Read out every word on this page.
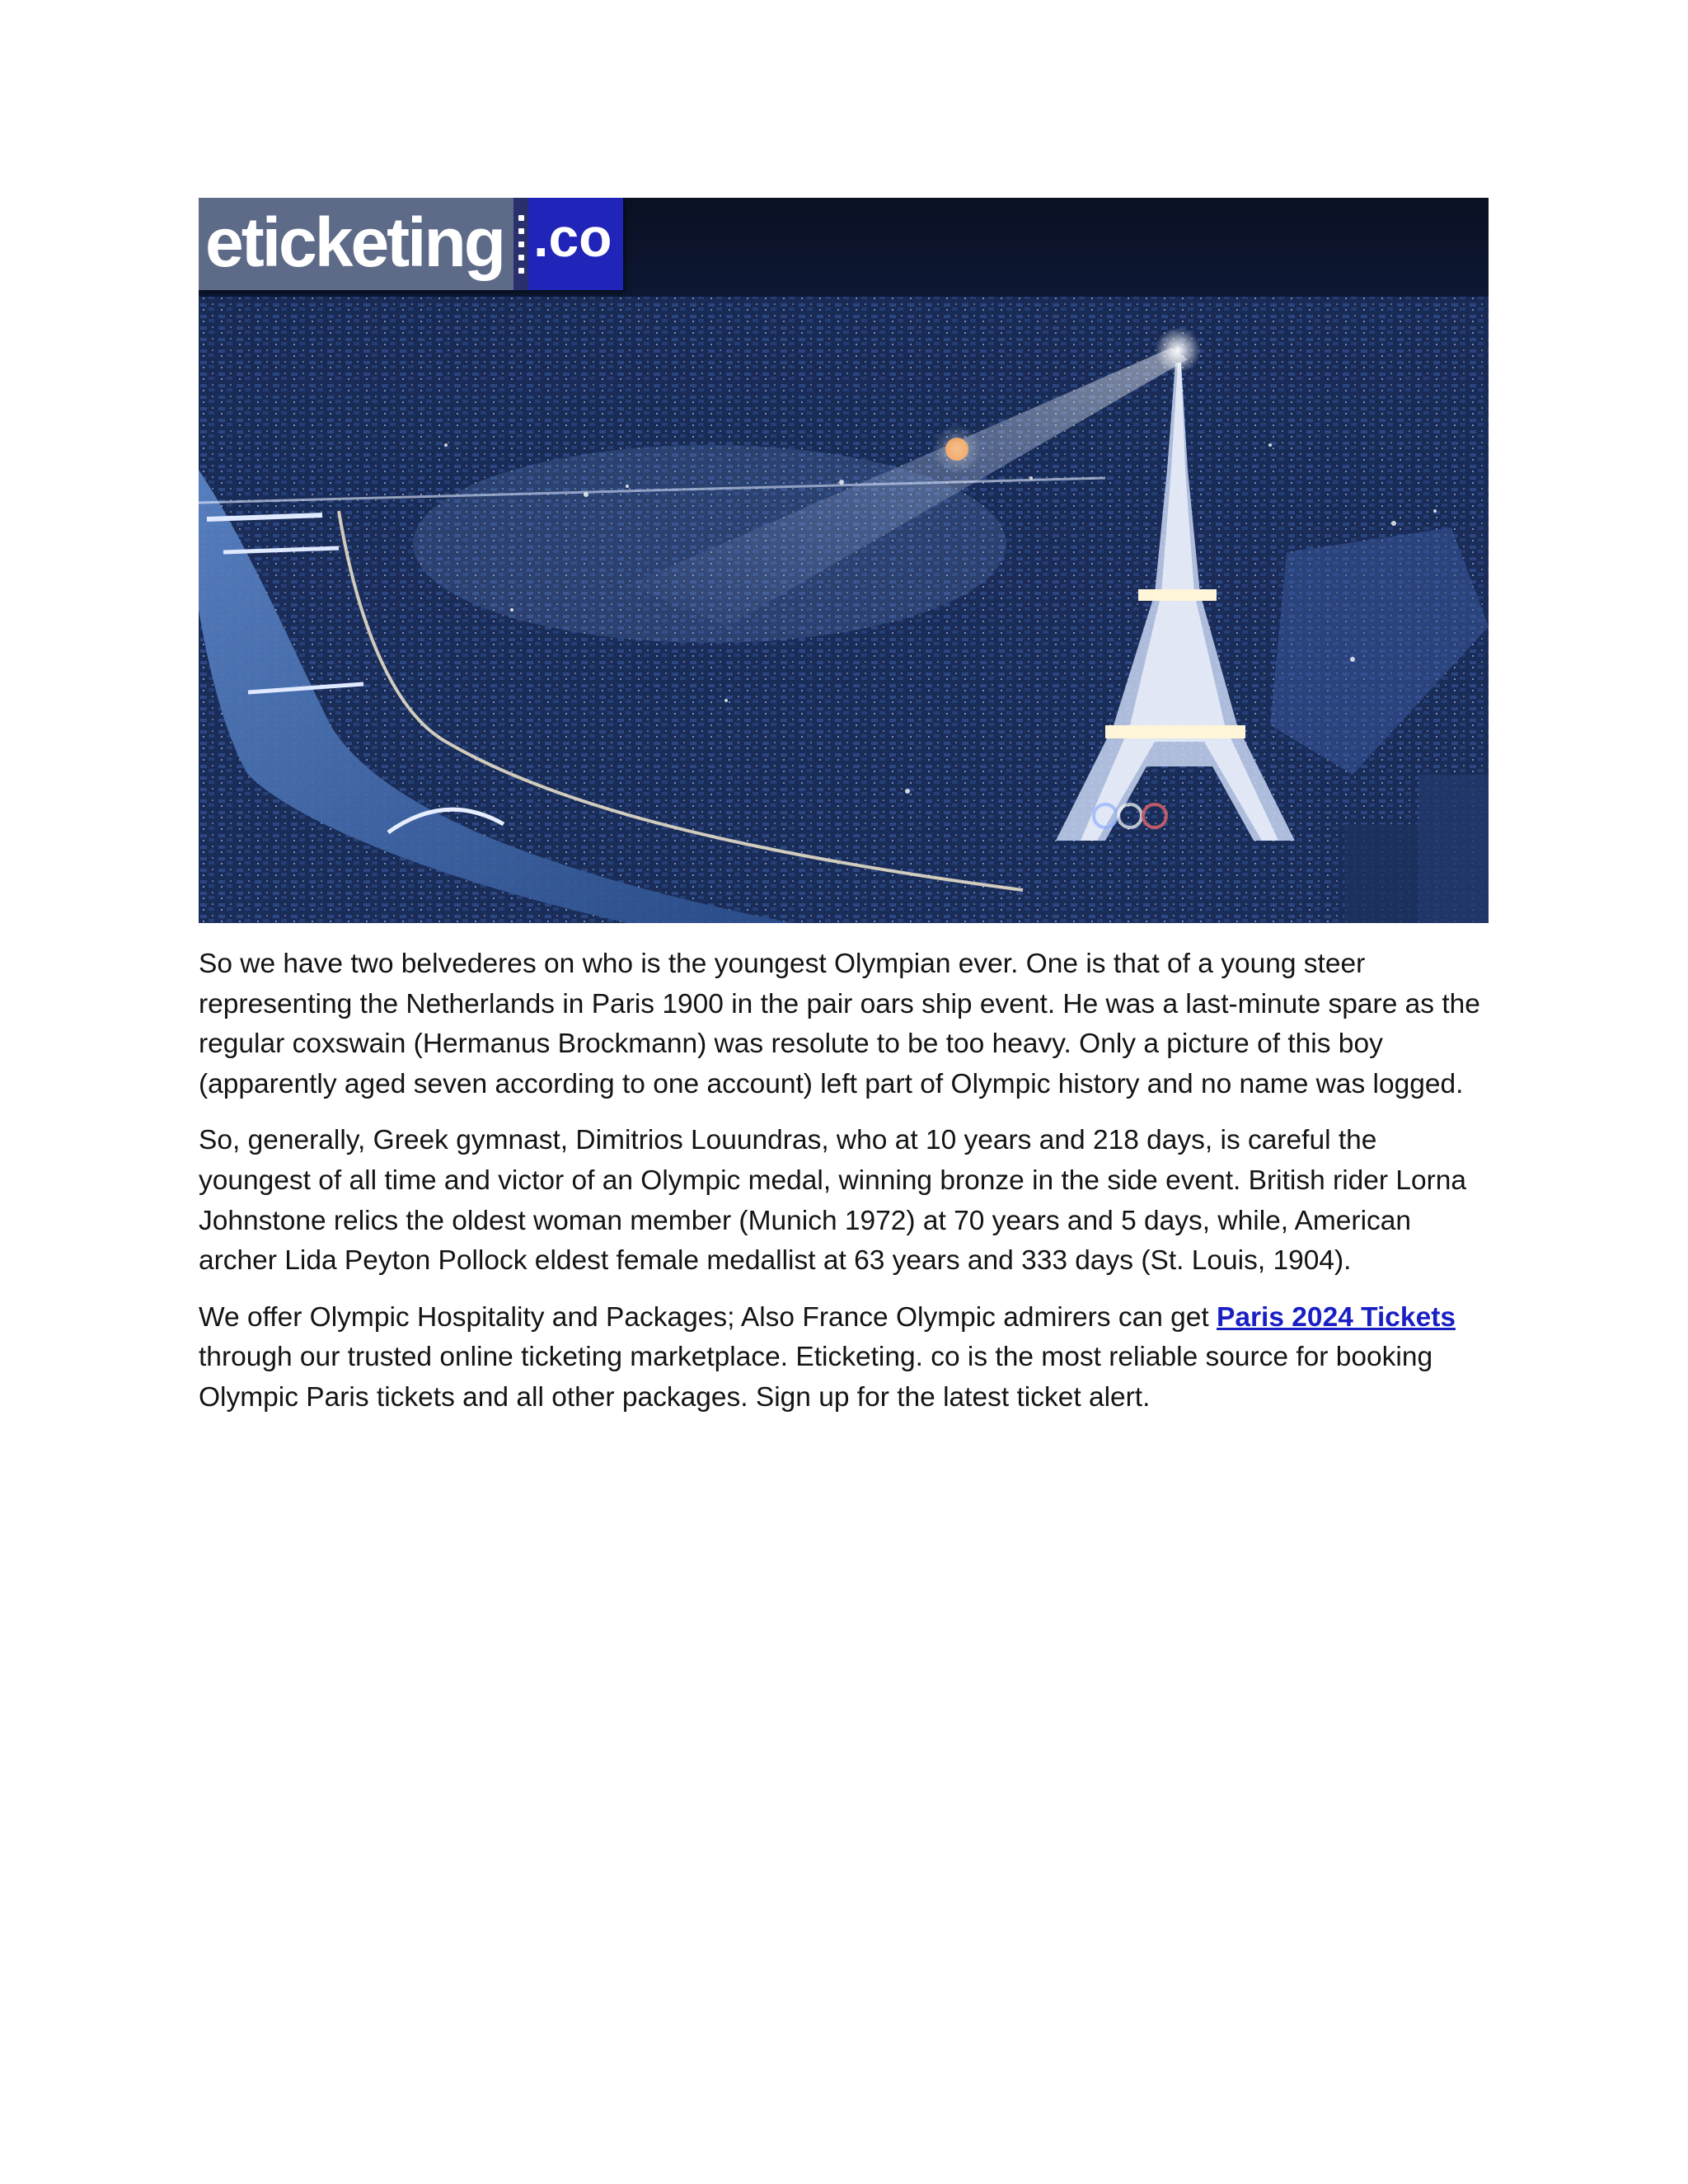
eticketing .co

So we have two belvederes on who is the youngest Olympian ever. One is that of a young steer representing the Netherlands in Paris 1900 in the pair oars ship event. He was a last-minute spare as the regular coxswain (Hermanus Brockmann) was resolute to be too heavy. Only a picture of this boy (apparently aged seven according to one account) left part of Olympic history and no name was logged.

So, generally, Greek gymnast, Dimitrios Louundras, who at 10 years and 218 days, is careful the youngest of all time and victor of an Olympic medal, winning bronze in the side event. British rider Lorna Johnstone relics the oldest woman member (Munich 1972) at 70 years and 5 days, while, American archer Lida Peyton Pollock eldest female medallist at 63 years and 333 days (St. Louis, 1904).

We offer Olympic Hospitality and Packages; Also France Olympic admirers can get Paris 2024 Tickets through our trusted online ticketing marketplace. Eticketing. co is the most reliable source for booking Olympic Paris tickets and all other packages. Sign up for the latest ticket alert.
